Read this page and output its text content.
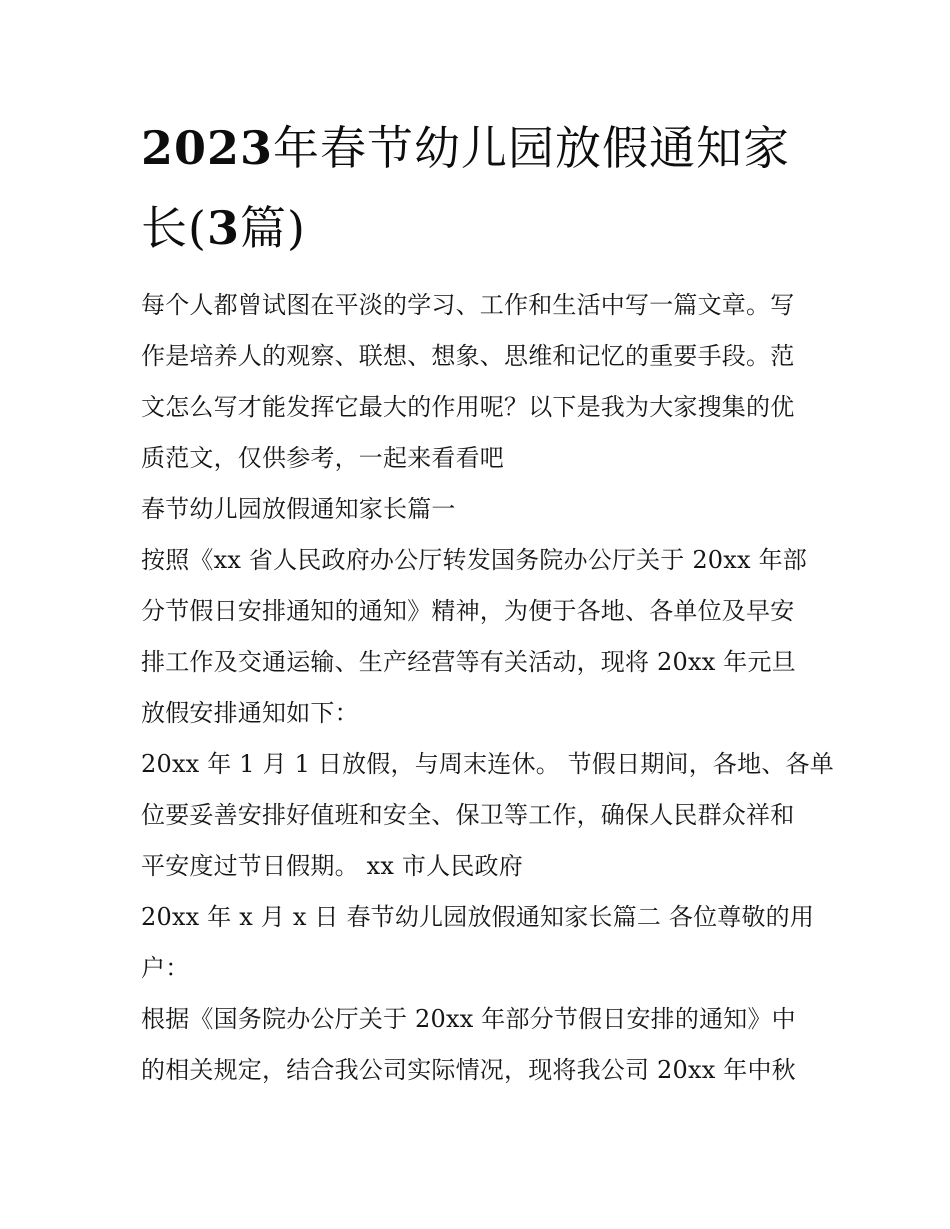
2023年春节幼儿园放假通知家
长(3篇)

每个人都曾试图在平淡的学习、工作和生活中写一篇文章。写
作是培养人的观察、联想、想象、思维和记忆的重要手段。范
文怎么写才能发挥它最大的作用呢？以下是我为大家搜集的优
质范文，仅供参考，一起来看看吧

春节幼儿园放假通知家长篇一

按照《xx 省人民政府办公厅转发国务院办公厅关于 20xx 年部
分节假日安排通知的通知》精神，为便于各地、各单位及早安
排工作及交通运输、生产经营等有关活动，现将 20xx 年元旦
放假安排通知如下：

20xx 年 1 月 1 日放假，与周末连休。 节假日期间，各地、各单
位要妥善安排好值班和安全、保卫等工作，确保人民群众祥和
平安度过节日假期。 xx 市人民政府

20xx 年 x 月 x 日 春节幼儿园放假通知家长篇二 各位尊敬的用
户：

根据《国务院办公厅关于 20xx 年部分节假日安排的通知》中
的相关规定，结合我公司实际情况，现将我公司 20xx 年中秋
